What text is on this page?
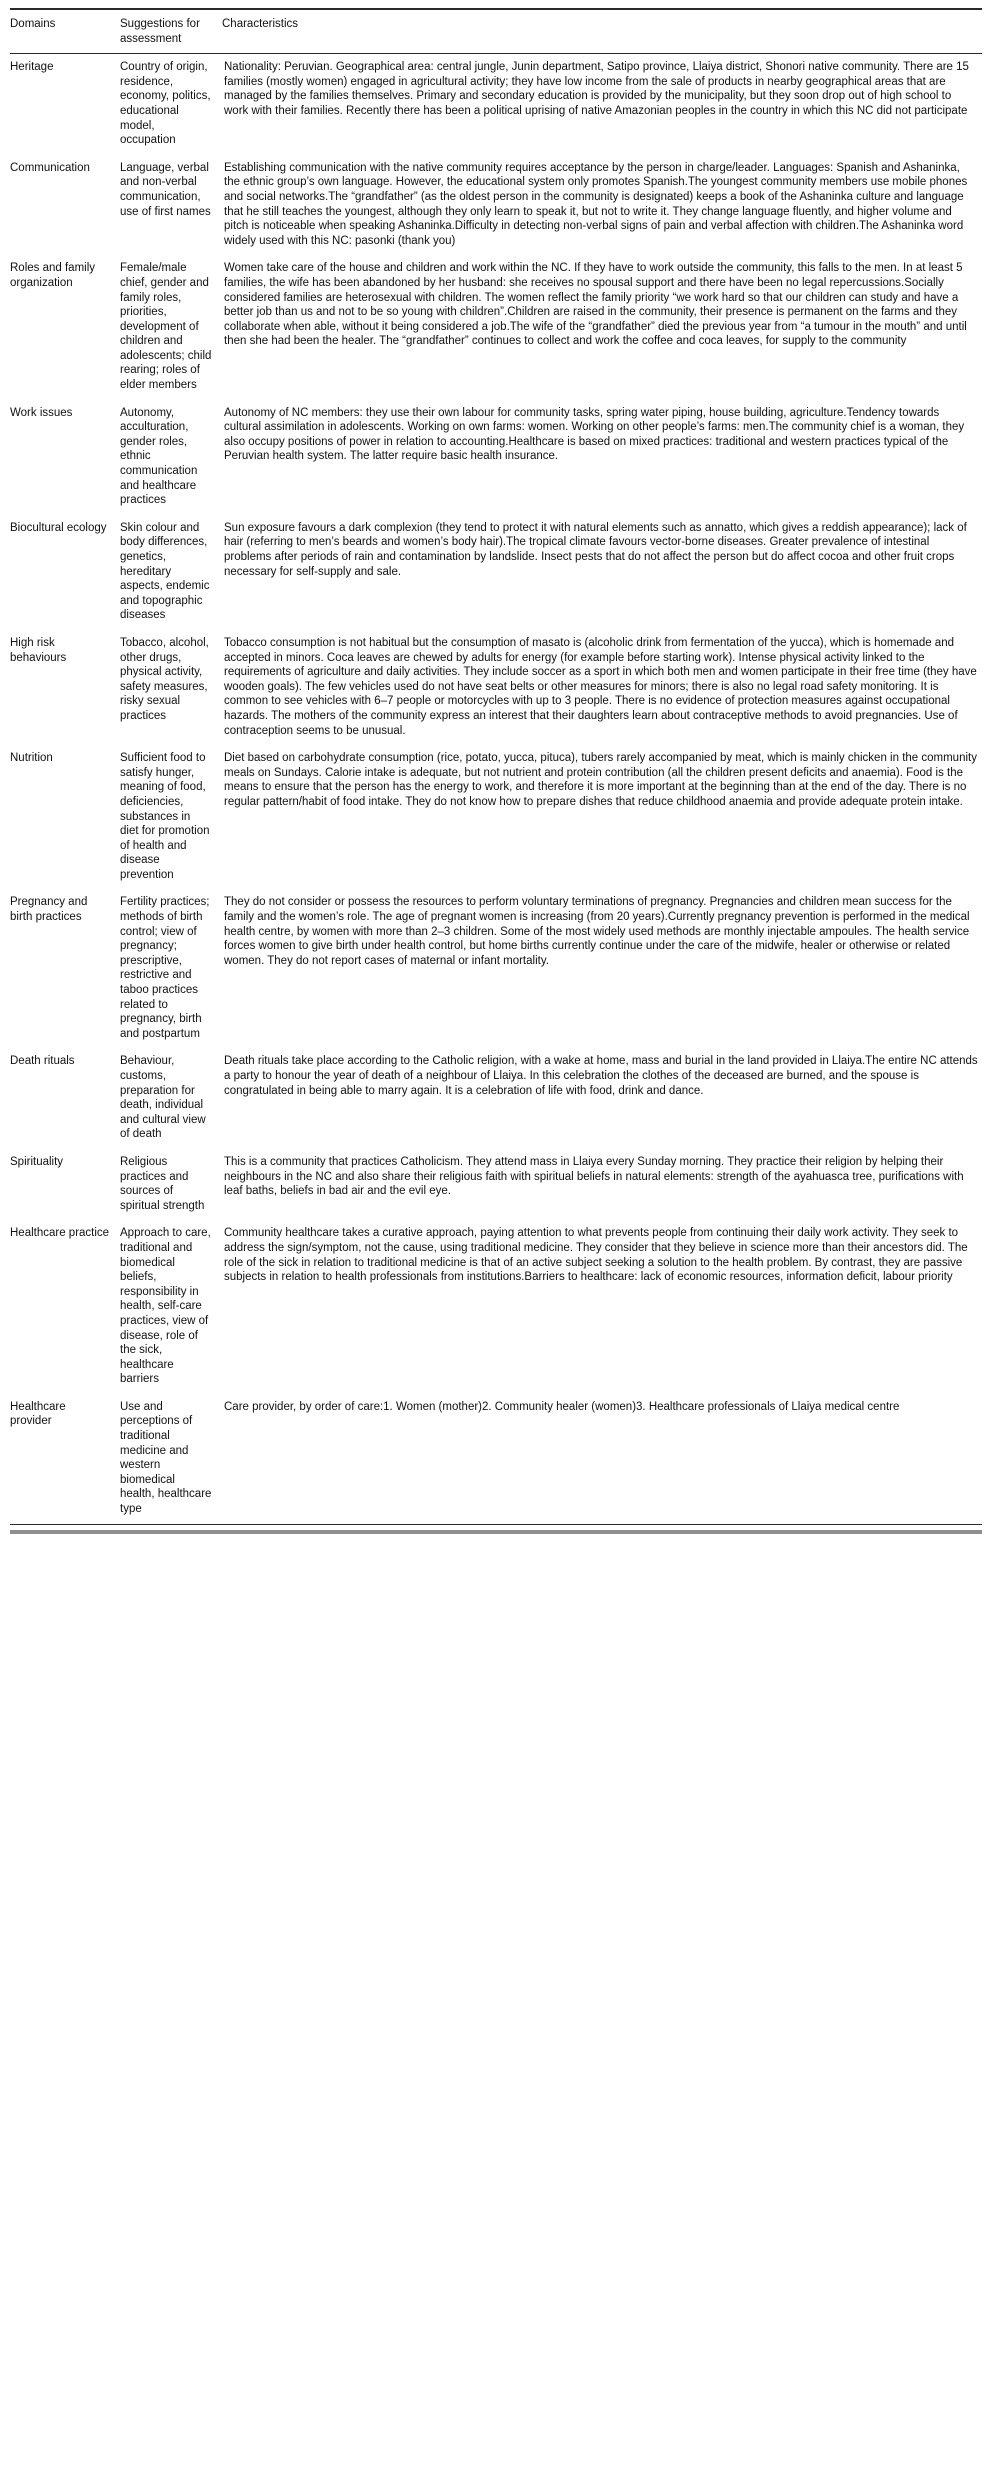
Domains	Suggestions for assessment	Characteristics
Heritage	Country of origin, residence, economy, politics, educational model, occupation	Nationality: Peruvian. Geographical area: central jungle, Junin department, Satipo province, Llaiya district, Shonori native community. There are 15 families (mostly women) engaged in agricultural activity; they have low income from the sale of products in nearby geographical areas that are managed by the families themselves. Primary and secondary education is provided by the municipality, but they soon drop out of high school to work with their families. Recently there has been a political uprising of native Amazonian peoples in the country in which this NC did not participate
Communication	Language, verbal and non-verbal communication, use of first names	Establishing communication with the native community requires acceptance by the person in charge/leader. Languages: Spanish and Ashaninka, the ethnic group’s own language. However, the educational system only promotes Spanish.The youngest community members use mobile phones and social networks.The “grandfather” (as the oldest person in the community is designated) keeps a book of the Ashaninka culture and language that he still teaches the youngest, although they only learn to speak it, but not to write it. They change language fluently, and higher volume and pitch is noticeable when speaking Ashaninka.Difficulty in detecting non-verbal signs of pain and verbal affection with children.The Ashaninka word widely used with this NC: pasonki (thank you)
Roles and family organization	Female/male chief, gender and family roles, priorities, development of children and adolescents; child rearing; roles of elder members	Women take care of the house and children and work within the NC. If they have to work outside the community, this falls to the men. In at least 5 families, the wife has been abandoned by her husband: she receives no spousal support and there have been no legal repercussions.Socially considered families are heterosexual with children. The women reflect the family priority “we work hard so that our children can study and have a better job than us and not to be so young with children”.Children are raised in the community, their presence is permanent on the farms and they collaborate when able, without it being considered a job.The wife of the “grandfather” died the previous year from “a tumour in the mouth” and until then she had been the healer. The “grandfather” continues to collect and work the coffee and coca leaves, for supply to the community
Work issues	Autonomy, acculturation, gender roles, ethnic communication and healthcare practices	Autonomy of NC members: they use their own labour for community tasks, spring water piping, house building, agriculture.Tendency towards cultural assimilation in adolescents. Working on own farms: women. Working on other people’s farms: men.The community chief is a woman, they also occupy positions of power in relation to accounting.Healthcare is based on mixed practices: traditional and western practices typical of the Peruvian health system. The latter require basic health insurance.
Biocultural ecology	Skin colour and body differences, genetics, hereditary aspects, endemic and topographic diseases	Sun exposure favours a dark complexion (they tend to protect it with natural elements such as annatto, which gives a reddish appearance); lack of hair (referring to men’s beards and women’s body hair).The tropical climate favours vector-borne diseases. Greater prevalence of intestinal problems after periods of rain and contamination by landslide. Insect pests that do not affect the person but do affect cocoa and other fruit crops necessary for self-supply and sale.
High risk behaviours	Tobacco, alcohol, other drugs, physical activity, safety measures, risky sexual practices	Tobacco consumption is not habitual but the consumption of masato is (alcoholic drink from fermentation of the yucca), which is homemade and accepted in minors. Coca leaves are chewed by adults for energy (for example before starting work). Intense physical activity linked to the requirements of agriculture and daily activities. They include soccer as a sport in which both men and women participate in their free time (they have wooden goals). The few vehicles used do not have seat belts or other measures for minors; there is also no legal road safety monitoring. It is common to see vehicles with 6–7 people or motorcycles with up to 3 people. There is no evidence of protection measures against occupational hazards. The mothers of the community express an interest that their daughters learn about contraceptive methods to avoid pregnancies. Use of contraception seems to be unusual.
Nutrition	Sufficient food to satisfy hunger, meaning of food, deficiencies, substances in diet for promotion of health and disease prevention	Diet based on carbohydrate consumption (rice, potato, yucca, pituca), tubers rarely accompanied by meat, which is mainly chicken in the community meals on Sundays. Calorie intake is adequate, but not nutrient and protein contribution (all the children present deficits and anaemia). Food is the means to ensure that the person has the energy to work, and therefore it is more important at the beginning than at the end of the day. There is no regular pattern/habit of food intake. They do not know how to prepare dishes that reduce childhood anaemia and provide adequate protein intake.
Pregnancy and birth practices	Fertility practices; methods of birth control; view of pregnancy; prescriptive, restrictive and taboo practices related to pregnancy, birth and postpartum	They do not consider or possess the resources to perform voluntary terminations of pregnancy. Pregnancies and children mean success for the family and the women’s role. The age of pregnant women is increasing (from 20 years).Currently pregnancy prevention is performed in the medical health centre, by women with more than 2–3 children. Some of the most widely used methods are monthly injectable ampoules. The health service forces women to give birth under health control, but home births currently continue under the care of the midwife, healer or otherwise or related women. They do not report cases of maternal or infant mortality.
Death rituals	Behaviour, customs, preparation for death, individual and cultural view of death	Death rituals take place according to the Catholic religion, with a wake at home, mass and burial in the land provided in Llaiya.The entire NC attends a party to honour the year of death of a neighbour of Llaiya. In this celebration the clothes of the deceased are burned, and the spouse is congratulated in being able to marry again. It is a celebration of life with food, drink and dance.
Spirituality	Religious practices and sources of spiritual strength	This is a community that practices Catholicism. They attend mass in Llaiya every Sunday morning. They practice their religion by helping their neighbours in the NC and also share their religious faith with spiritual beliefs in natural elements: strength of the ayahuasca tree, purifications with leaf baths, beliefs in bad air and the evil eye.
Healthcare practice	Approach to care, traditional and biomedical beliefs, responsibility in health, self-care practices, view of disease, role of the sick, healthcare barriers	Community healthcare takes a curative approach, paying attention to what prevents people from continuing their daily work activity. They seek to address the sign/symptom, not the cause, using traditional medicine. They consider that they believe in science more than their ancestors did. The role of the sick in relation to traditional medicine is that of an active subject seeking a solution to the health problem. By contrast, they are passive subjects in relation to health professionals from institutions.Barriers to healthcare: lack of economic resources, information deficit, labour priority
Healthcare provider	Use and perceptions of traditional medicine and western biomedical health, healthcare type	Care provider, by order of care:1. Women (mother)2. Community healer (women)3. Healthcare professionals of Llaiya medical centre
